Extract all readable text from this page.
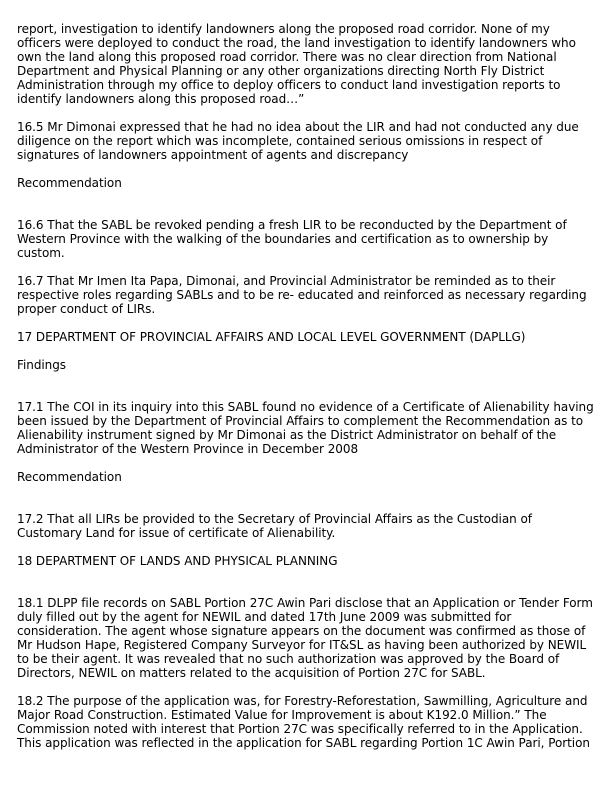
report, investigation to identify landowners along the proposed road corridor. None of my officers were deployed to conduct the road, the land investigation to identify landowners who own the land along this proposed road corridor. There was no clear direction from National Department and Physical Planning or any other organizations directing North Fly District Administration through my office to deploy officers to conduct land investigation reports to identify landowners along this proposed road…”

16.5 Mr Dimonai expressed that he had no idea about the LIR and had not conducted any due diligence on the report which was incomplete, contained serious omissions in respect of signatures of landowners appointment of agents and discrepancy

Recommendation

16.6 That the SABL be revoked pending a fresh LIR to be reconducted by the Department of Western Province with the walking of the boundaries and certification as to ownership by custom.

16.7 That Mr Imen Ita Papa, Dimonai, and Provincial Administrator be reminded as to their respective roles regarding SABLs and to be re- educated and reinforced as necessary regarding proper conduct of LIRs.

17 DEPARTMENT OF PROVINCIAL AFFAIRS AND LOCAL LEVEL GOVERNMENT (DAPLLG)

Findings

17.1 The COI in its inquiry into this SABL found no evidence of a Certificate of Alienability having been issued by the Department of Provincial Affairs to complement the Recommendation as to Alienability instrument signed by Mr Dimonai as the District Administrator on behalf of the Administrator of the Western Province in December 2008

Recommendation

17.2 That all LIRs be provided to the Secretary of Provincial Affairs as the Custodian of Customary Land for issue of certificate of Alienability.

18 DEPARTMENT OF LANDS AND PHYSICAL PLANNING

18.1 DLPP file records on SABL Portion 27C Awin Pari disclose that an Application or Tender Form duly filled out by the agent for NEWIL and dated 17th June 2009 was submitted for consideration. The agent whose signature appears on the document was confirmed as those of Mr Hudson Hape, Registered Company Surveyor for IT&SL as having been authorized by NEWIL to be their agent. It was revealed that no such authorization was approved by the Board of Directors, NEWIL on matters related to the acquisition of Portion 27C for SABL.

18.2 The purpose of the application was, for Forestry-Reforestation, Sawmilling, Agriculture and Major Road Construction. Estimated Value for Improvement is about K192.0 Million.” The Commission noted with interest that Portion 27C was specifically referred to in the Application. This application was reflected in the application for SABL regarding Portion 1C Awin Pari, Portion
